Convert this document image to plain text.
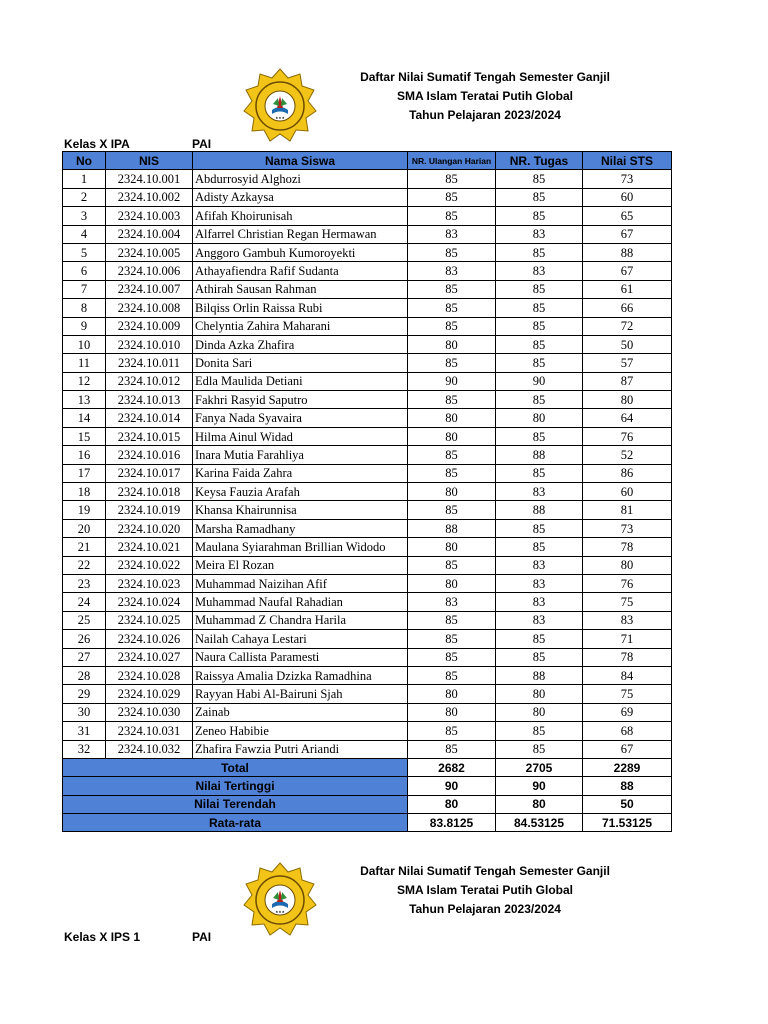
★★★
Daftar Nilai Sumatif Tengah Semester Ganjil
SMA Islam Teratai Putih Global
Tahun Pelajaran 2023/2024
Kelas X IPA	PAI
No	NIS	Nama Siswa	NR. Ulangan Harian	NR. Tugas	Nilai STS
1	2324.10.001	Abdurrosyid Alghozi	85	85	73
2	2324.10.002	Adisty Azkaysa	85	85	60
3	2324.10.003	Afifah Khoirunisah	85	85	65
4	2324.10.004	Alfarrel Christian Regan Hermawan	83	83	67
5	2324.10.005	Anggoro Gambuh Kumoroyekti	85	85	88
6	2324.10.006	Athayafiendra Rafif Sudanta	83	83	67
7	2324.10.007	Athirah Sausan Rahman	85	85	61
8	2324.10.008	Bilqiss Orlin Raissa Rubi	85	85	66
9	2324.10.009	Chelyntia Zahira Maharani	85	85	72
10	2324.10.010	Dinda Azka Zhafira	80	85	50
11	2324.10.011	Donita Sari	85	85	57
12	2324.10.012	Edla Maulida Detiani	90	90	87
13	2324.10.013	Fakhri Rasyid Saputro	85	85	80
14	2324.10.014	Fanya Nada Syavaira	80	80	64
15	2324.10.015	Hilma Ainul Widad	80	85	76
16	2324.10.016	Inara Mutia Farahliya	85	88	52
17	2324.10.017	Karina Faida Zahra	85	85	86
18	2324.10.018	Keysa Fauzia Arafah	80	83	60
19	2324.10.019	Khansa Khairunnisa	85	88	81
20	2324.10.020	Marsha Ramadhany	88	85	73
21	2324.10.021	Maulana Syiarahman Brillian Widodo	80	85	78
22	2324.10.022	Meira El Rozan	85	83	80
23	2324.10.023	Muhammad Naizihan Afif	80	83	76
24	2324.10.024	Muhammad Naufal Rahadian	83	83	75
25	2324.10.025	Muhammad Z Chandra Harila	85	83	83
26	2324.10.026	Nailah Cahaya Lestari	85	85	71
27	2324.10.027	Naura Callista Paramesti	85	85	78
28	2324.10.028	Raissya Amalia Dzizka Ramadhina	85	88	84
29	2324.10.029	Rayyan Habi Al-Bairuni Sjah	80	80	75
30	2324.10.030	Zainab	80	80	69
31	2324.10.031	Zeneo Habibie	85	85	68
32	2324.10.032	Zhafira Fawzia Putri Ariandi	85	85	67
Total			2682	2705	2289
Nilai Tertinggi			90	90	88
Nilai Terendah			80	80	50
Rata-rata			83.8125	84.53125	71.53125
★★★
Daftar Nilai Sumatif Tengah Semester Ganjil
SMA Islam Teratai Putih Global
Tahun Pelajaran 2023/2024
Kelas X IPS 1	PAI
